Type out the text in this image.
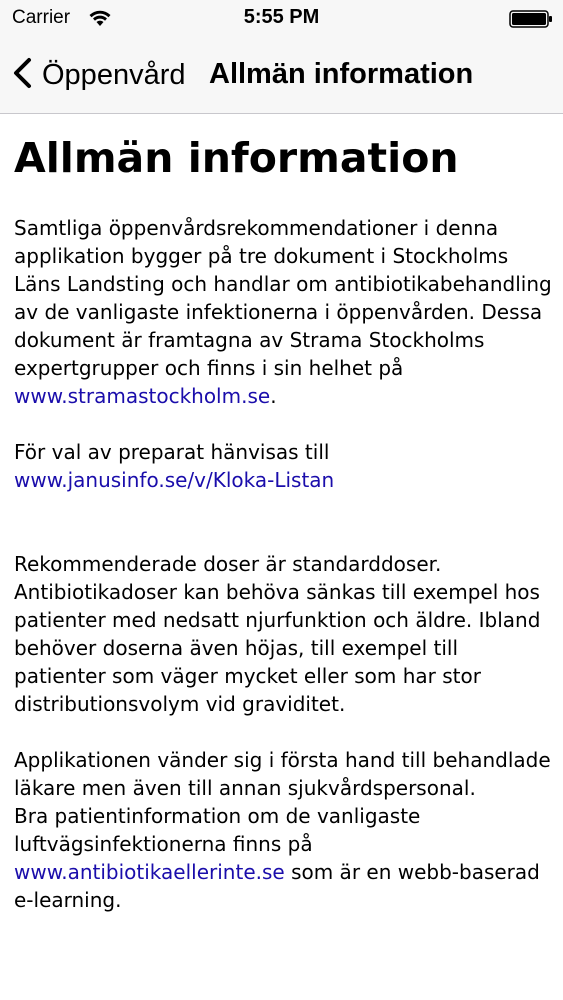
Carrier	5:55 PM
Öppenvård Allmän information
Allmän information

Samtliga öppenvårdsrekommendationer i denna applikation bygger på tre dokument i Stockholms Läns Landsting och handlar om antibiotikabehandling av de vanligaste infektionerna i öppenvården. Dessa dokument är framtagna av Strama Stockholms expertgrupper och finns i sin helhet på www.stramastockholm.se.

För val av preparat hänvisas till
www.janusinfo.se/v/Kloka-Listan

Rekommenderade doser är standarddoser. Antibiotikadoser kan behöva sänkas till exempel hos patienter med nedsatt njurfunktion och äldre. Ibland behöver doserna även höjas, till exempel till patienter som väger mycket eller som har stor distributionsvolym vid graviditet.

Applikationen vänder sig i första hand till behandlade läkare men även till annan sjukvårdspersonal.
Bra patientinformation om de vanligaste luftvägsinfektionerna finns på
www.antibiotikaellerinte.se som är en webb-baserad e-learning.
